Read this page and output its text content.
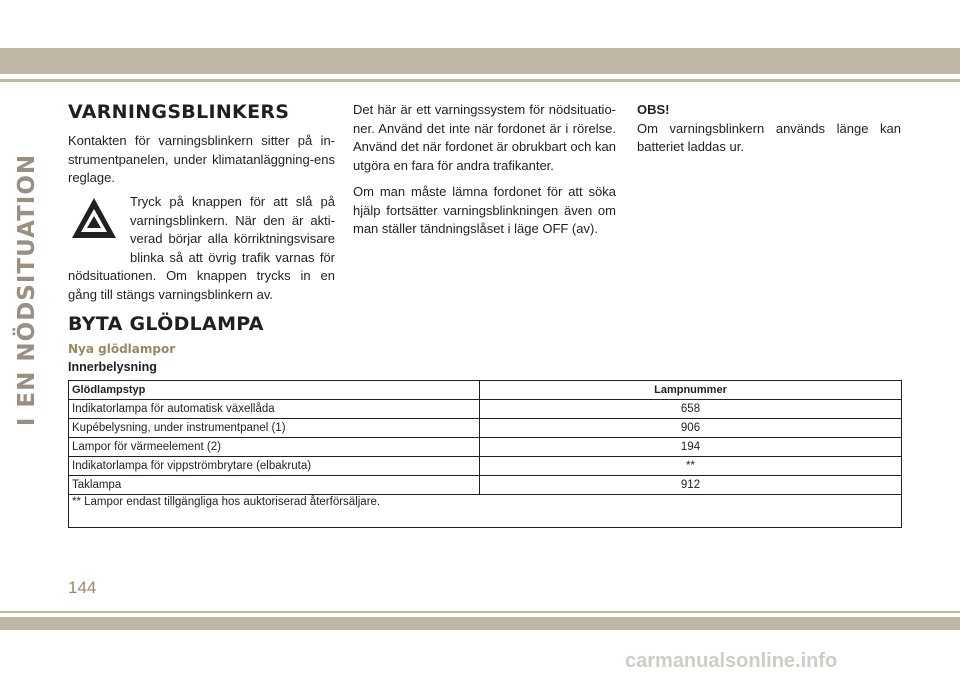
I EN NÖDSITUATION
VARNINGSBLINKERS

Kontakten för varningsblinkern sitter på in-strumentpanelen, under klimatanläggning-ens reglage.

Tryck på knappen för att slå på varningsblinkern. När den är akti-verad börjar alla körriktningsvisare blinka så att övrig trafik varnas för nödsituationen. Om knappen trycks in en gång till stängs varningsblinkern av.

Det här är ett varningssystem för nödsituatio-ner. Använd det inte när fordonet är i rörelse. Använd det när fordonet är obrukbart och kan utgöra en fara för andra trafikanter.

Om man måste lämna fordonet för att söka hjälp fortsätter varningsblinkningen även om man ställer tändningslåset i läge OFF (av).

OBS!

Om varningsblinkern används länge kan batteriet laddas ur.

BYTA GLÖDLAMPA
Nya glödlampor
Innerbelysning
Glödlampstyp	Lampnummer
Indikatorlampa för automatisk växellåda	658
Kupébelysning, under instrumentpanel (1)	906
Lampor för värmeelement (2)	194
Indikatorlampa för vippströmbrytare (elbakruta)	**
Taklampa	912
** Lampor endast tillgängliga hos auktoriserad återförsäljare.	
144
carmanualsonline.info
